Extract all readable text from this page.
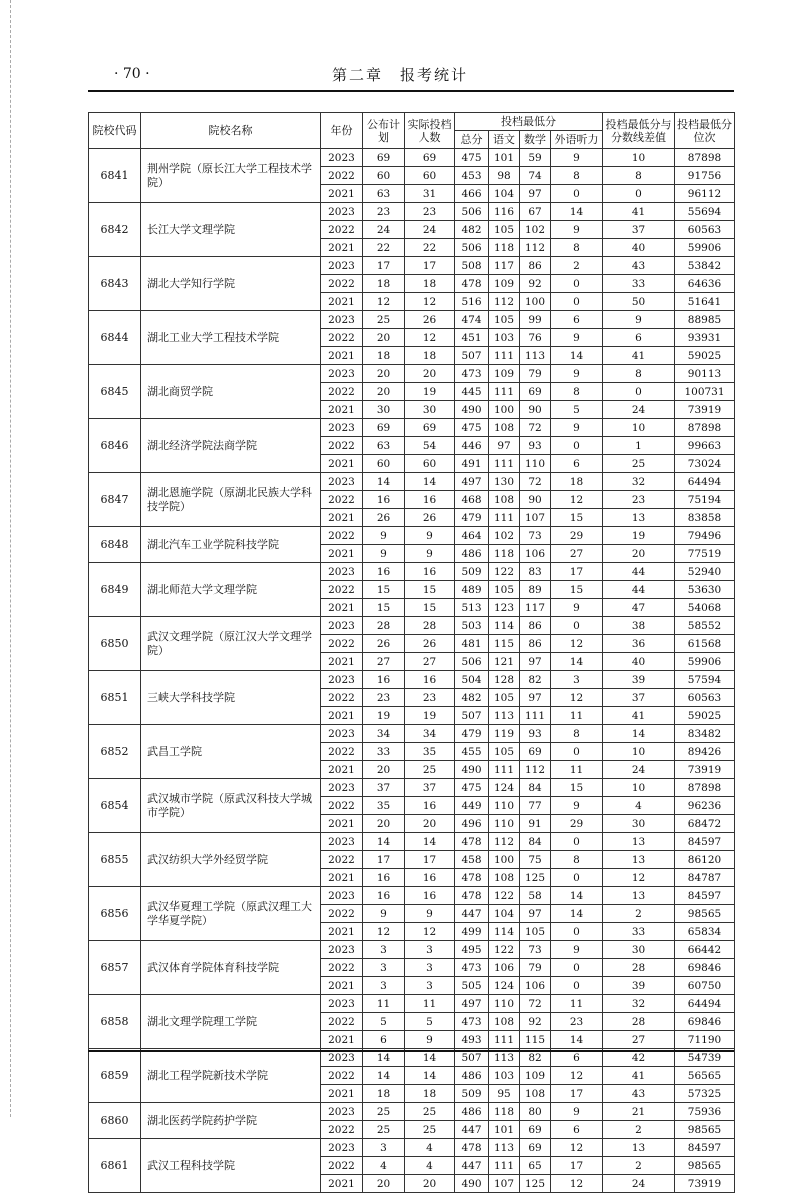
· 70 ·	第二章　报考统计
院校代码	院校名称	年份	公布计划	实际投档人数	投档最低分				投档最低分与分数线差值	投档最低分位次
					总分	语文	数学	外语听力		
6841	荆州学院（原长江大学工程技术学院）	2023	69	69	475	101	59	9	10	87898
		2022	60	60	453	98	74	8	8	91756
		2021	63	31	466	104	97	0	0	96112
6842	长江大学文理学院	2023	23	23	506	116	67	14	41	55694
		2022	24	24	482	105	102	9	37	60563
		2021	22	22	506	118	112	8	40	59906
6843	湖北大学知行学院	2023	17	17	508	117	86	2	43	53842
		2022	18	18	478	109	92	0	33	64636
		2021	12	12	516	112	100	0	50	51641
6844	湖北工业大学工程技术学院	2023	25	26	474	105	99	6	9	88985
		2022	20	12	451	103	76	9	6	93931
		2021	18	18	507	111	113	14	41	59025
6845	湖北商贸学院	2023	20	20	473	109	79	9	8	90113
		2022	20	19	445	111	69	8	0	100731
		2021	30	30	490	100	90	5	24	73919
6846	湖北经济学院法商学院	2023	69	69	475	108	72	9	10	87898
		2022	63	54	446	97	93	0	1	99663
		2021	60	60	491	111	110	6	25	73024
6847	湖北恩施学院（原湖北民族大学科技学院）	2023	14	14	497	130	72	18	32	64494
		2022	16	16	468	108	90	12	23	75194
		2021	26	26	479	111	107	15	13	83858
6848	湖北汽车工业学院科技学院	2022	9	9	464	102	73	29	19	79496
		2021	9	9	486	118	106	27	20	77519
6849	湖北师范大学文理学院	2023	16	16	509	122	83	17	44	52940
		2022	15	15	489	105	89	15	44	53630
		2021	15	15	513	123	117	9	47	54068
6850	武汉文理学院（原江汉大学文理学院）	2023	28	28	503	114	86	0	38	58552
		2022	26	26	481	115	86	12	36	61568
		2021	27	27	506	121	97	14	40	59906
6851	三峡大学科技学院	2023	16	16	504	128	82	3	39	57594
		2022	23	23	482	105	97	12	37	60563
		2021	19	19	507	113	111	11	41	59025
6852	武昌工学院	2023	34	34	479	119	93	8	14	83482
		2022	33	35	455	105	69	0	10	89426
		2021	20	25	490	111	112	11	24	73919
6854	武汉城市学院（原武汉科技大学城市学院）	2023	37	37	475	124	84	15	10	87898
		2022	35	16	449	110	77	9	4	96236
		2021	20	20	496	110	91	29	30	68472
6855	武汉纺织大学外经贸学院	2023	14	14	478	112	84	0	13	84597
		2022	17	17	458	100	75	8	13	86120
		2021	16	16	478	108	125	0	12	84787
6856	武汉华夏理工学院（原武汉理工大学华夏学院）	2023	16	16	478	122	58	14	13	84597
		2022	9	9	447	104	97	14	2	98565
		2021	12	12	499	114	105	0	33	65834
6857	武汉体育学院体育科技学院	2023	3	3	495	122	73	9	30	66442
		2022	3	3	473	106	79	0	28	69846
		2021	3	3	505	124	106	0	39	60750
6858	湖北文理学院理工学院	2023	11	11	497	110	72	11	32	64494
		2022	5	5	473	108	92	23	28	69846
		2021	6	9	493	111	115	14	27	71190
6859	湖北工程学院新技术学院	2023	14	14	507	113	82	6	42	54739
		2022	14	14	486	103	109	12	41	56565
		2021	18	18	509	95	108	17	43	57325
6860	湖北医药学院药护学院	2023	25	25	486	118	80	9	21	75936
		2022	25	25	447	101	69	6	2	98565
6861	武汉工程科技学院	2023	3	4	478	113	69	12	13	84597
		2022	4	4	447	111	65	17	2	98565
		2021	20	20	490	107	125	12	24	73919
